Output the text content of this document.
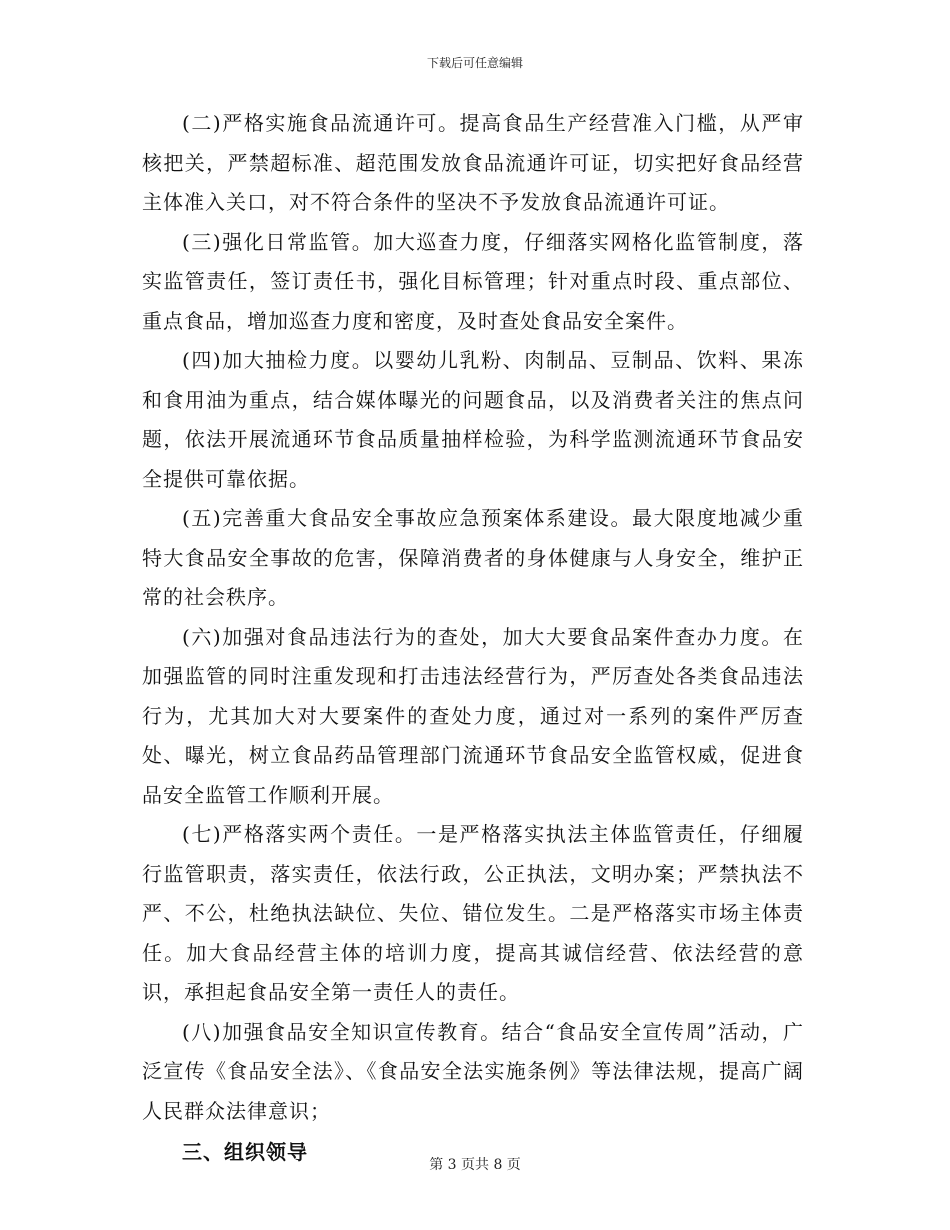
下载后可任意编辑

(二)严格实施食品流通许可。提高食品生产经营准入门槛，从严审核把关，严禁超标准、超范围发放食品流通许可证，切实把好食品经营主体准入关口，对不符合条件的坚决不予发放食品流通许可证。

(三)强化日常监管。加大巡查力度，仔细落实网格化监管制度，落实监管责任，签订责任书，强化目标管理；针对重点时段、重点部位、重点食品，增加巡查力度和密度，及时查处食品安全案件。

(四)加大抽检力度。以婴幼儿乳粉、肉制品、豆制品、饮料、果冻和食用油为重点，结合媒体曝光的问题食品，以及消费者关注的焦点问题，依法开展流通环节食品质量抽样检验，为科学监测流通环节食品安全提供可靠依据。

(五)完善重大食品安全事故应急预案体系建设。最大限度地减少重特大食品安全事故的危害，保障消费者的身体健康与人身安全，维护正常的社会秩序。

(六)加强对食品违法行为的查处，加大大要食品案件查办力度。在加强监管的同时注重发现和打击违法经营行为，严厉查处各类食品违法行为，尤其加大对大要案件的查处力度，通过对一系列的案件严厉查处、曝光，树立食品药品管理部门流通环节食品安全监管权威，促进食品安全监管工作顺利开展。

(七)严格落实两个责任。一是严格落实执法主体监管责任，仔细履行监管职责，落实责任，依法行政，公正执法，文明办案；严禁执法不严、不公，杜绝执法缺位、失位、错位发生。二是严格落实市场主体责任。加大食品经营主体的培训力度，提高其诚信经营、依法经营的意识，承担起食品安全第一责任人的责任。

(八)加强食品安全知识宣传教育。结合“食品安全宣传周”活动，广泛宣传《食品安全法》、《食品安全法实施条例》等法律法规，提高广阔人民群众法律意识；

三、组织领导

第 3 页共 8 页
